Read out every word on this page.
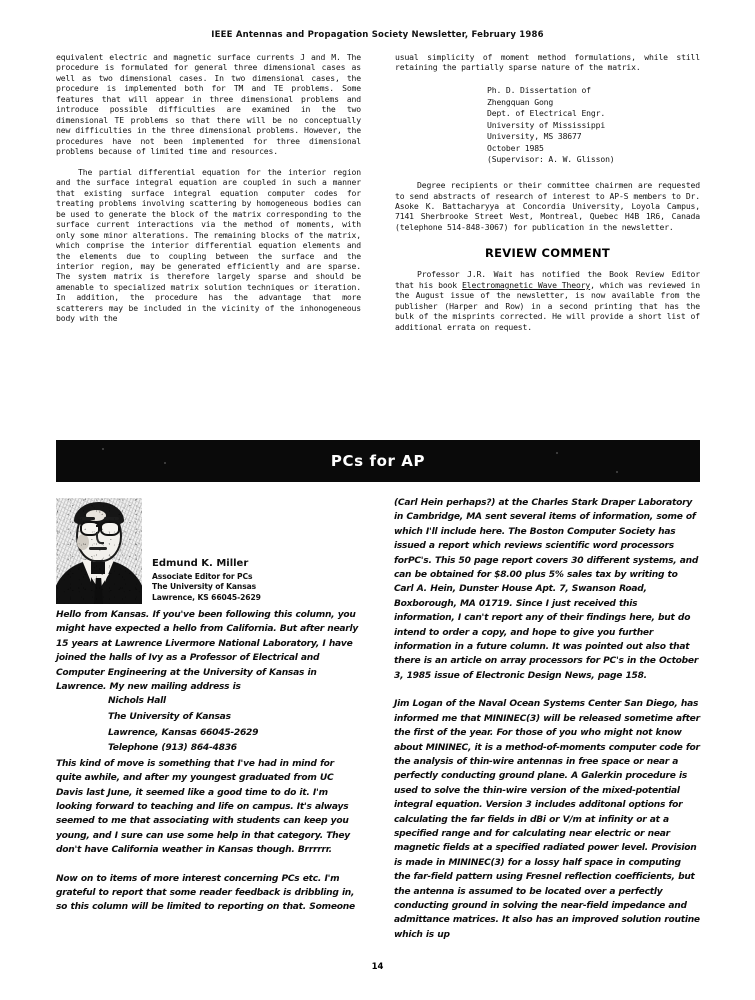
IEEE Antennas and Propagation Society Newsletter, February 1986

equivalent electric and magnetic surface currents J and M. The procedure is formulated for general three dimensional cases as well as two dimensional cases. In two dimensional cases, the procedure is implemented both for TM and TE problems. Some features that will appear in three dimensional problems and introduce possible difficulties are examined in the two dimensional TE problems so that there will be no conceptually new difficulties in the three dimensional problems. However, the procedures have not been implemented for three dimensional problems because of limited time and resources.

The partial differential equation for the interior region and the surface integral equation are coupled in such a manner that existing surface integral equation computer codes for treating problems involving scattering by homogeneous bodies can be used to generate the block of the matrix corresponding to the surface current interactions via the method of moments, with only some minor alterations. The remaining blocks of the matrix, which comprise the interior differential equation elements and the elements due to coupling between the surface and the interior region, may be generated efficiently and are sparse. The system matrix is therefore largely sparse and should be amenable to specialized matrix solution techniques or iteration. In addition, the procedure has the advantage that more scatterers may be included in the vicinity of the inhonogeneous body with the

usual simplicity of moment method formulations, while still retaining the partially sparse nature of the matrix.

Ph. D. Dissertation of
Zhengquan Gong
Dept. of Electrical Engr.
University of Mississippi
University, MS 38677
October 1985
(Supervisor: A. W. Glisson)

Degree recipients or their committee chairmen are requested to send abstracts of research of interest to AP-S members to Dr. Asoke K. Battacharyya at Concordia University, Loyola Campus, 7141 Sherbrooke Street West, Montreal, Quebec H4B 1R6, Canada (telephone 514-848-3067) for publication in the newsletter.

REVIEW COMMENT

Professor J.R. Wait has notified the Book Review Editor that his book Electromagnetic Wave Theory, which was reviewed in the August issue of the newsletter, is now available from the publisher (Harper and Row) in a second printing that has the bulk of the misprints corrected. He will provide a short list of additional errata on request.

PCs for AP
Edmund K. Miller
Associate Editor for PCs
The University of Kansas
Lawrence, KS 66045-2629

Hello from Kansas. If you've been following this column, you might have expected a hello from California. But after nearly 15 years at Lawrence Livermore National Laboratory, I have joined the halls of Ivy as a Professor of Electrical and Computer Engineering at the University of Kansas in Lawrence. My new mailing address is

Nichols Hall
The University of Kansas
Lawrence, Kansas 66045-2629
Telephone (913) 864-4836

This kind of move is something that I've had in mind for quite awhile, and after my youngest graduated from UC Davis last June, it seemed like a good time to do it. I'm looking forward to teaching and life on campus. It's always seemed to me that associating with students can keep you young, and I sure can use some help in that category. They don't have California weather in Kansas though. Brrrrrr.

Now on to items of more interest concerning PCs etc. I'm grateful to report that some reader feedback is dribbling in, so this column will be limited to reporting on that. Someone

(Carl Hein perhaps?) at the Charles Stark Draper Laboratory in Cambridge, MA sent several items of information, some of which I'll include here. The Boston Computer Society has issued a report which reviews scientific word processors forPC's. This 50 page report covers 30 different systems, and can be obtained for $8.00 plus 5% sales tax by writing to Carl A. Hein, Dunster House Apt. 7, Swanson Road, Boxborough, MA 01719. Since I just received this information, I can't report any of their findings here, but do intend to order a copy, and hope to give you further information in a future column. It was pointed out also that there is an article on array processors for PC's in the October 3, 1985 issue of Electronic Design News, page 158.

Jim Logan of the Naval Ocean Systems Center San Diego, has informed me that MININEC(3) will be released sometime after the first of the year. For those of you who might not know about MININEC, it is a method-of-moments computer code for the analysis of thin-wire antennas in free space or near a perfectly conducting ground plane. A Galerkin procedure is used to solve the thin-wire version of the mixed-potential integral equation. Version 3 includes additonal options for calculating the far fields in dBi or V/m at infinity or at a specified range and for calculating near electric or near magnetic fields at a specified radiated power level. Provision is made in MININEC(3) for a lossy half space in computing the far-field pattern using Fresnel reflection coefficients, but the antenna is assumed to be located over a perfectly conducting ground in solving the near-field impedance and admittance matrices. It also has an improved solution routine which is up

14
